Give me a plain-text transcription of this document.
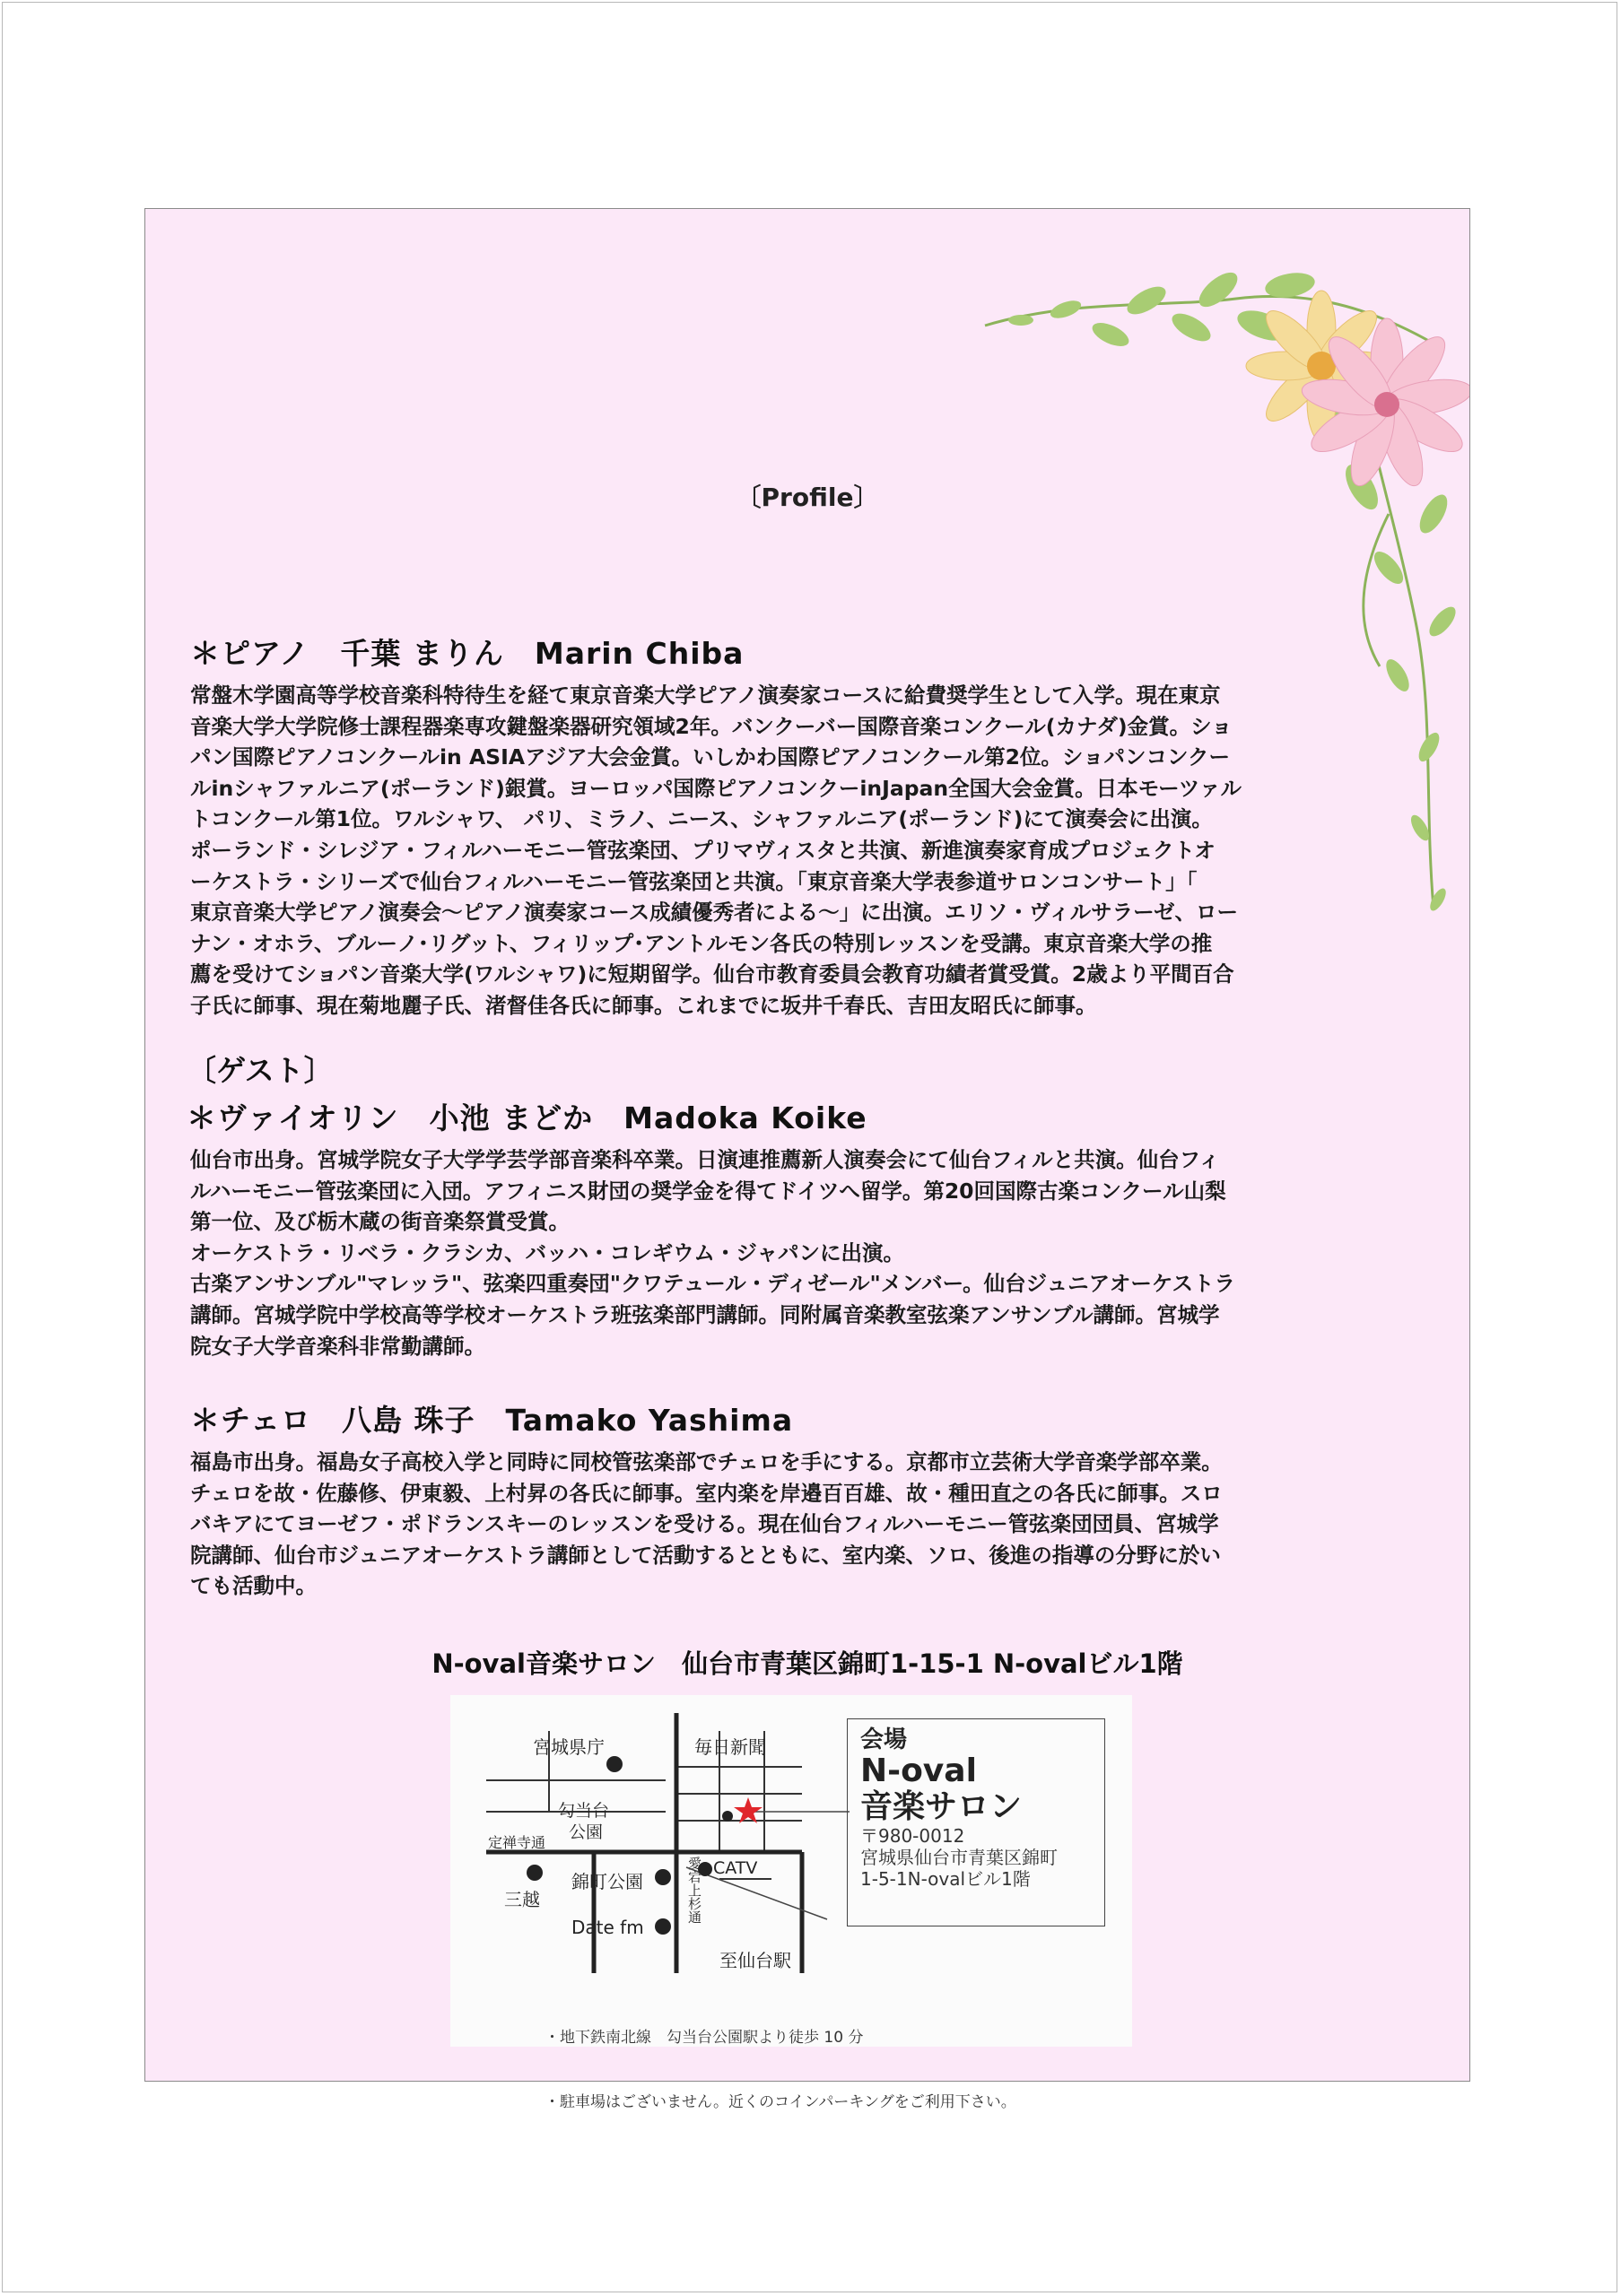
〔Profile〕
＊ピアノ　千葉 まりん　Marin Chiba

常盤木学園高等学校音楽科特待生を経て東京音楽大学ピアノ演奏家コースに給費奨学生として入学。現在東京

音楽大学大学院修士課程器楽専攻鍵盤楽器研究領域2年。バンクーバー国際音楽コンクール(カナダ)金賞。ショ

パン国際ピアノコンクールin ASIAアジア大会金賞。いしかわ国際ピアノコンクール第2位。ショパンコンクー

ルinシャファルニア(ポーランド)銀賞。ヨーロッパ国際ピアノコンクーinJapan全国大会金賞。日本モーツァル

トコンクール第1位。ワルシャワ、 パリ、ミラノ、ニース、シャファルニア(ポーランド)にて演奏会に出演。

ポーランド・シレジア・フィルハーモニー管弦楽団、プリマヴィスタと共演、新進演奏家育成プロジェクトオ

ーケストラ・シリーズで仙台フィルハーモニー管弦楽団と共演。「東京音楽大学表参道サロンコンサート」「

東京音楽大学ピアノ演奏会～ピアノ演奏家コース成績優秀者による～」に出演。エリソ・ヴィルサラーゼ、ロー

ナン・オホラ、ブルーノ･リグット、フィリップ･アントルモン各氏の特別レッスンを受講。東京音楽大学の推

薦を受けてショパン音楽大学(ワルシャワ)に短期留学。仙台市教育委員会教育功績者賞受賞。2歳より平間百合

子氏に師事、現在菊地麗子氏、渚督佳各氏に師事。これまでに坂井千春氏、吉田友昭氏に師事。

〔ゲスト〕
＊ヴァイオリン　小池 まどか　Madoka Koike

仙台市出身。宮城学院女子大学学芸学部音楽科卒業。日演連推薦新人演奏会にて仙台フィルと共演。仙台フィ

ルハーモニー管弦楽団に入団。アフィニス財団の奨学金を得てドイツへ留学。第20回国際古楽コンクール山梨

第一位、及び栃木蔵の街音楽祭賞受賞。

オーケストラ・リベラ・クラシカ、バッハ・コレギウム・ジャパンに出演。

古楽アンサンブル"マレッラ"、弦楽四重奏団"クワテュール・ディゼール"メンバー。仙台ジュニアオーケストラ

講師。宮城学院中学校高等学校オーケストラ班弦楽部門講師。同附属音楽教室弦楽アンサンブル講師。宮城学

院女子大学音楽科非常勤講師。

＊チェロ　八島 珠子　Tamako Yashima

福島市出身。福島女子高校入学と同時に同校管弦楽部でチェロを手にする。京都市立芸術大学音楽学部卒業。

チェロを故・佐藤修、伊東毅、上村昇の各氏に師事。室内楽を岸邉百百雄、故・種田直之の各氏に師事。スロ

バキアにてヨーゼフ・ポドランスキーのレッスンを受ける。現在仙台フィルハーモニー管弦楽団団員、宮城学

院講師、仙台市ジュニアオーケストラ講師として活動するとともに、室内楽、ソロ、後進の指導の分野に於い

ても活動中。

N-oval音楽サロン　仙台市青葉区錦町1-15-1 N-ovalビル1階
宮城県庁	毎日新聞
勾当台
公園
定禅寺通
三越
錦町公園
CATV
Date fm
愛宕上杉通
至仙台駅
会場
N-oval
音楽サロン
〒980-0012
宮城県仙台市青葉区錦町
1-5-1N-ovalビル1階

・地下鉄南北線　勾当台公園駅より徒歩 10 分

・駐車場はございません。近くのコインパーキングをご利用下さい。
